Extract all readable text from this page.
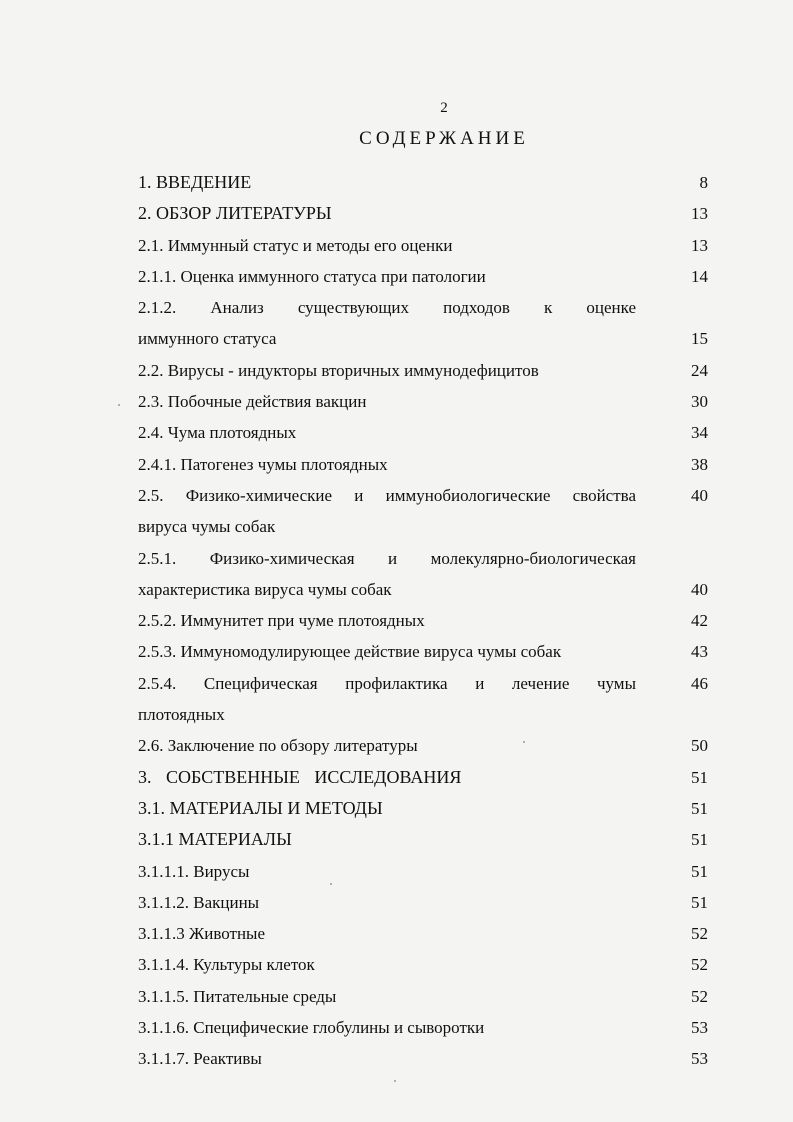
2
СОДЕРЖАНИЕ
1. ВВЕДЕНИЕ	8
2. ОБЗОР ЛИТЕРАТУРЫ	13
2.1. Иммунный статус и методы его оценки	13
2.1.1. Оценка иммунного статуса при патологии	14
2.1.2. Анализ существующих подходов к оценке
иммунного статуса	15
2.2. Вирусы - индукторы вторичных иммунодефицитов	24
2.3. Побочные действия вакцин	30
2.4. Чума плотоядных	34
2.4.1. Патогенез чумы плотоядных	38
2.5. Физико-химические и иммунобиологические свойства	40
вируса чумы собак
2.5.1. Физико-химическая и молекулярно-биологическая
характеристика вируса чумы собак	40
2.5.2. Иммунитет при чуме плотоядных	42
2.5.3. Иммуномодулирующее действие вируса чумы собак	43
2.5.4. Специфическая профилактика и лечение чумы	46
плотоядных
2.6. Заключение по обзору литературы	50
3. СОБСТВЕННЫЕ ИССЛЕДОВАНИЯ	51
3.1. МАТЕРИАЛЫ И МЕТОДЫ	51
3.1.1 МАТЕРИАЛЫ	51
3.1.1.1. Вирусы	51
3.1.1.2. Вакцины	51
3.1.1.3 Животные	52
3.1.1.4. Культуры клеток	52
3.1.1.5. Питательные среды	52
3.1.1.6. Специфические глобулины и сыворотки	53
3.1.1.7. Реактивы	53
